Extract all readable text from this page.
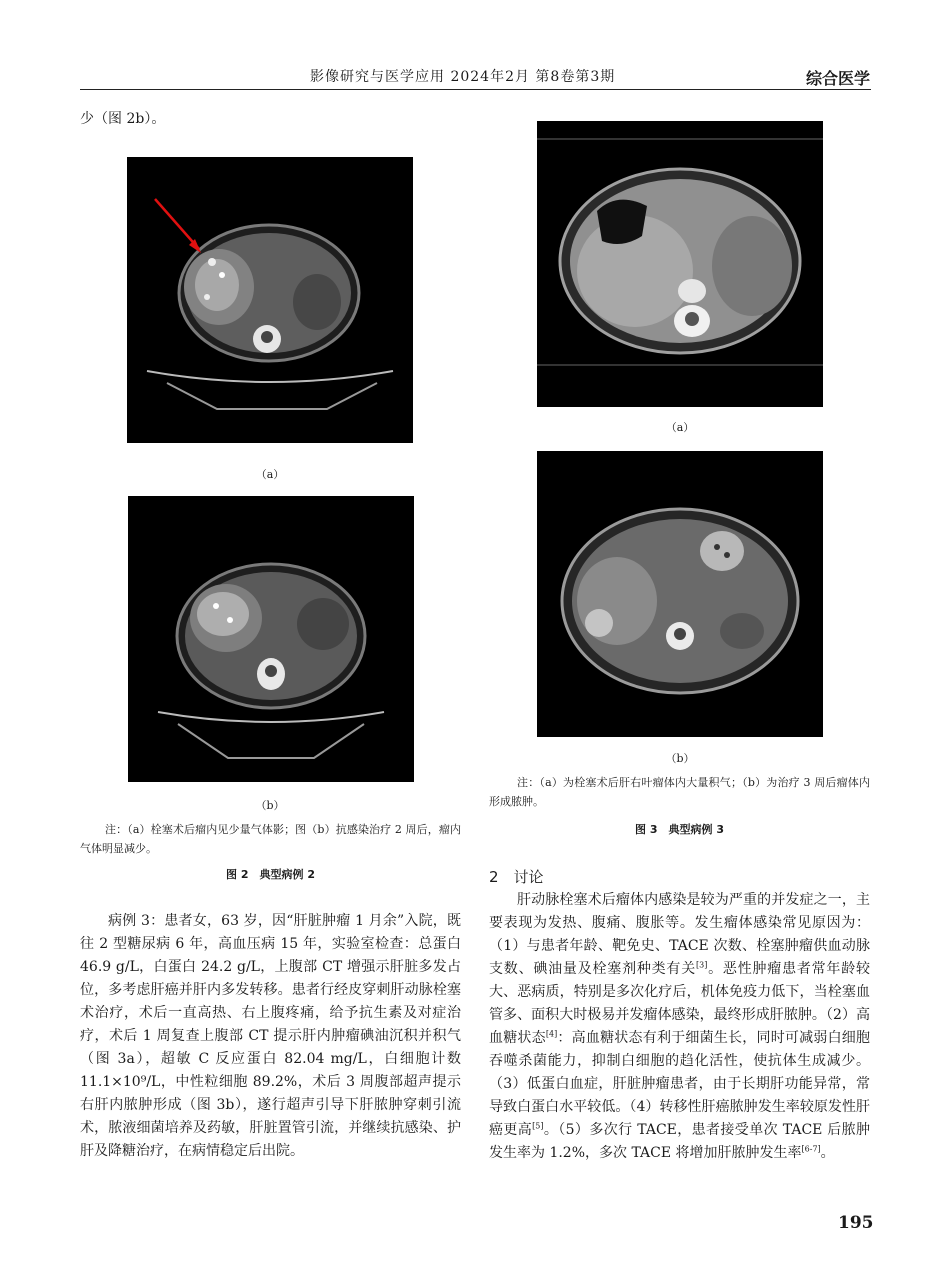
影像研究与医学应用 2024年2月 第8卷第3期	综合医学
少（图 2b）。
（a）
（b）
注：（a）栓塞术后瘤内见少量气体影；图（b）抗感染治疗 2 周后，瘤内气体明显减少。
图 2　典型病例 2
病例 3：患者女，63 岁，因“肝脏肿瘤 1 月余”入院，既往 2 型糖尿病 6 年，高血压病 15 年，实验室检查：总蛋白 46.9 g/L，白蛋白 24.2 g/L，上腹部 CT 增强示肝脏多发占位，多考虑肝癌并肝内多发转移。患者行经皮穿刺肝动脉栓塞术治疗，术后一直高热、右上腹疼痛，给予抗生素及对症治疗，术后 1 周复查上腹部 CT 提示肝内肿瘤碘油沉积并积气（图 3a），超敏 C 反应蛋白 82.04 mg/L，白细胞计数 11.1×10⁹/L，中性粒细胞 89.2%，术后 3 周腹部超声提示右肝内脓肿形成（图 3b），遂行超声引导下肝脓肿穿刺引流术，脓液细菌培养及药敏，肝脏置管引流，并继续抗感染、护肝及降糖治疗，在病情稳定后出院。
（a）
（b）
注：（a）为栓塞术后肝右叶瘤体内大量积气；（b）为治疗 3 周后瘤体内形成脓肿。
图 3　典型病例 3
2　讨论
肝动脉栓塞术后瘤体内感染是较为严重的并发症之一，主要表现为发热、腹痛、腹胀等。发生瘤体感染常见原因为：（1）与患者年龄、靶免史、TACE 次数、栓塞肿瘤供血动脉支数、碘油量及栓塞剂种类有关[3]。恶性肿瘤患者常年龄较大、恶病质，特别是多次化疗后，机体免疫力低下，当栓塞血管多、面积大时极易并发瘤体感染，最终形成肝脓肿。（2）高血糖状态[4]：高血糖状态有利于细菌生长，同时可减弱白细胞吞噬杀菌能力，抑制白细胞的趋化活性，使抗体生成减少。（3）低蛋白血症，肝脏肿瘤患者，由于长期肝功能异常，常导致白蛋白水平较低。（4）转移性肝癌脓肿发生率较原发性肝癌更高[5]。（5）多次行 TACE，患者接受单次 TACE 后脓肿发生率为 1.2%，多次 TACE 将增加肝脓肿发生率[6-7]。
195
